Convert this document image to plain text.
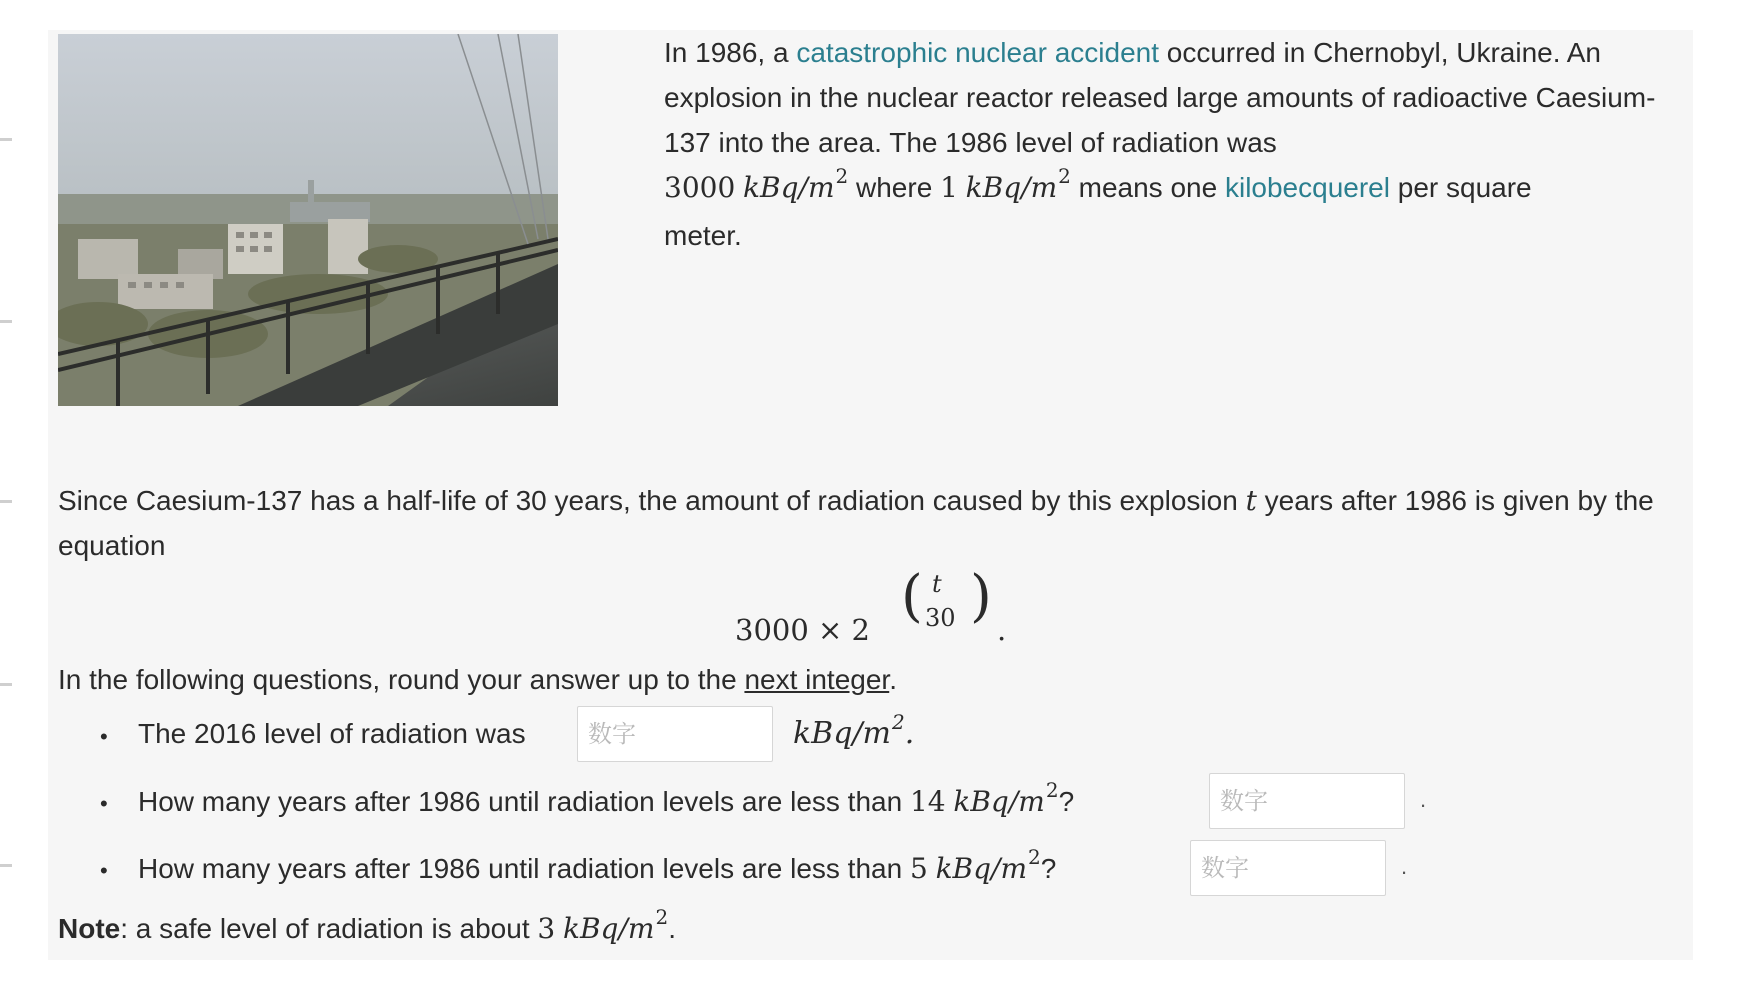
In 1986, a catastrophic nuclear accident occurred in Chernobyl, Ukraine. An explosion in the nuclear reactor released large amounts of radioactive Caesium-137 into the area. The 1986 level of radiation was
3000 kBq/$m^2$ where 1 kBq/$m^2$ means one kilobecquerel per square
meter.
Since Caesium-137 has a half-life of 30 years, the amount of radiation caused by this explosion t years after 1986 is given by the equation
3000 × 2
( t
30 )
.
In the following questions, round your answer up to the next integer.
• The 2016 level of radiation was
数字	kBq/$m^2$.
• How many years after 1986 until radiation levels are less than 14 kBq/$m^2$?
数字	.
• How many years after 1986 until radiation levels are less than 5 kBq/$m^2$?
数字	.
Note: a safe level of radiation is about 3 kBq/$m^2$.
